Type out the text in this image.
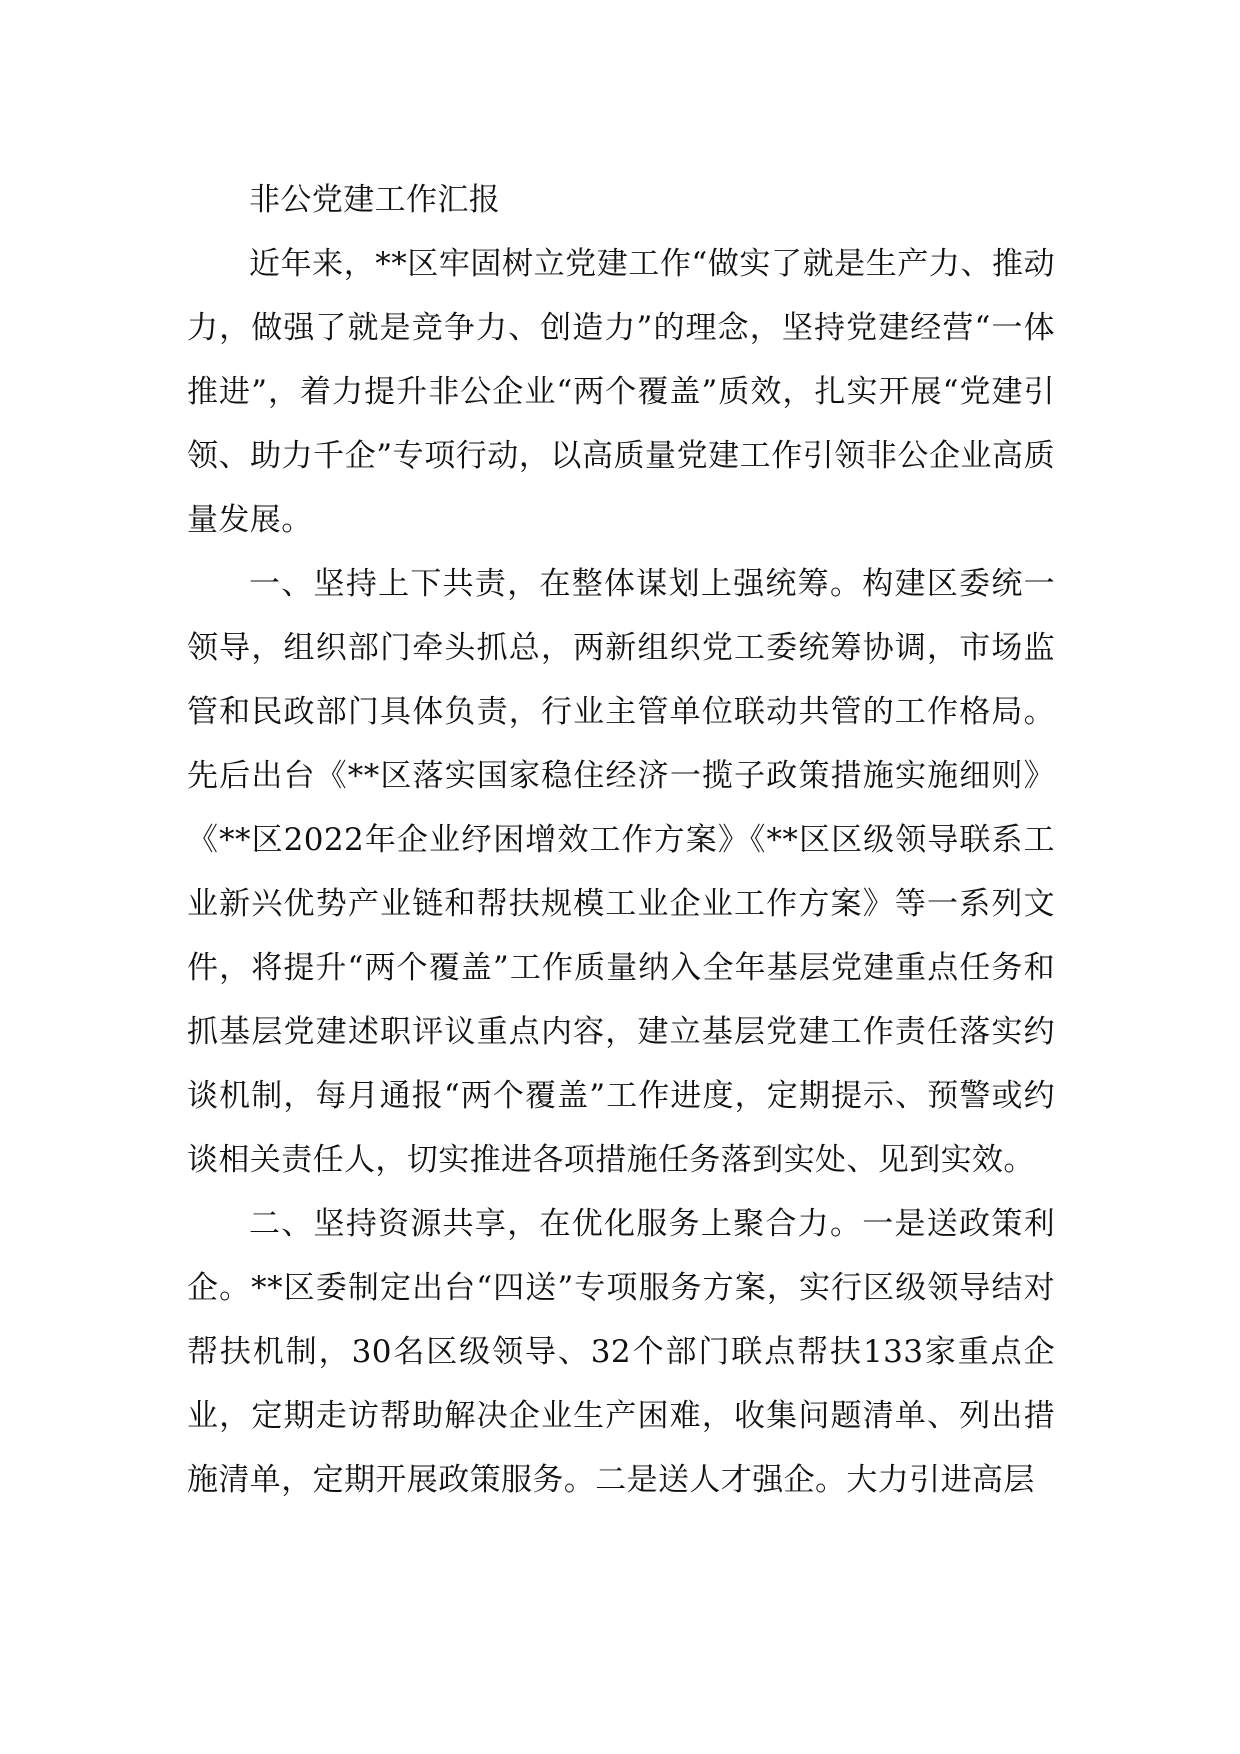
非公党建工作汇报

近年来，**区牢固树立党建工作“做实了就是生产力、推动力，做强了就是竞争力、创造力”的理念，坚持党建经营“一体推进”，着力提升非公企业“两个覆盖”质效，扎实开展“党建引领、助力千企”专项行动，以高质量党建工作引领非公企业高质量发展。

一、坚持上下共责，在整体谋划上强统筹。构建区委统一领导，组织部门牵头抓总，两新组织党工委统筹协调，市场监管和民政部门具体负责，行业主管单位联动共管的工作格局。先后出台《**区落实国家稳住经济一揽子政策措施实施细则》《**区2022年企业纾困增效工作方案》《**区区级领导联系工业新兴优势产业链和帮扶规模工业企业工作方案》等一系列文件，将提升“两个覆盖”工作质量纳入全年基层党建重点任务和抓基层党建述职评议重点内容，建立基层党建工作责任落实约谈机制，每月通报“两个覆盖”工作进度，定期提示、预警或约谈相关责任人，切实推进各项措施任务落到实处、见到实效。

二、坚持资源共享，在优化服务上聚合力。一是送政策利企。**区委制定出台“四送”专项服务方案，实行区级领导结对帮扶机制，30名区级领导、32个部门联点帮扶133家重点企业，定期走访帮助解决企业生产困难，收集问题清单、列出措施清单，定期开展政策服务。二是送人才强企。大力引进高层
